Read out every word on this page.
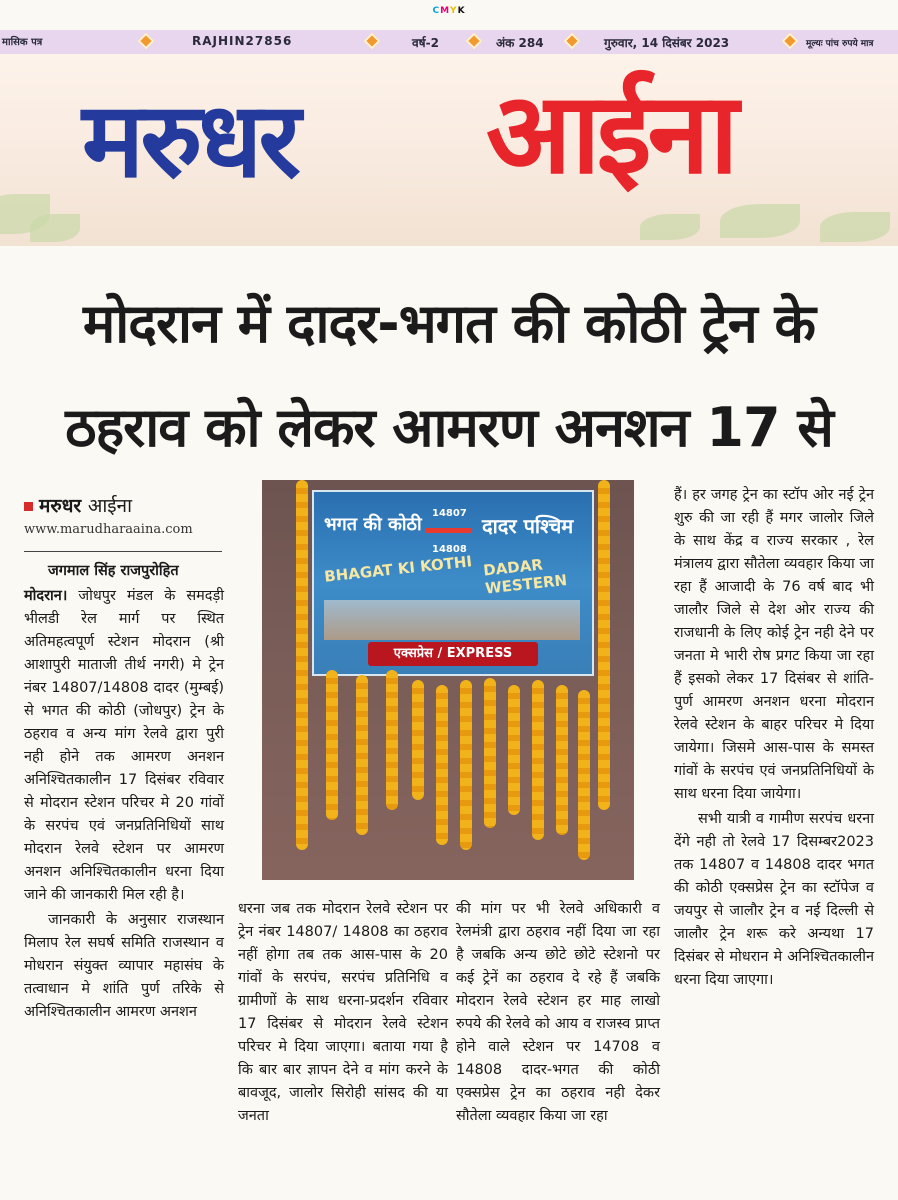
CMYK
मासिक पत्र	RAJHIN27856	वर्ष-2	अंक 284	गुरुवार, 14 दिसंबर 2023	मूल्यः पांच रुपये मात्र
मरुधर आईना
मोदरान में दादर-भगत की कोठी ट्रेन के
ठहराव को लेकर आमरण अनशन 17 से
मरुधर आईना
www.marudharaaina.com

जगमाल सिंह राजपुरोहित

मोदरान। जोधपुर मंडल के समदड़ी भीलडी रेल मार्ग पर स्थित अतिमहत्वपूर्ण स्टेशन मोदरान (श्री आशापुरी माताजी तीर्थ नगरी) मे ट्रेन नंबर 14807/14808 दादर (मुम्बई) से भगत की कोठी (जोधपुर) ट्रेन के ठहराव व अन्य मांग रेलवे द्वारा पुरी नही होने तक आमरण अनशन अनिश्चितकालीन 17 दिसंबर रविवार से मोदरान स्टेशन परिचर मे 20 गांवों के सरपंच एवं जनप्रतिनिधियों साथ मोदरान रेलवे स्टेशन पर आमरण अनशन अनिश्चितकालीन धरना दिया जाने की जानकारी मिल रही है।

जानकारी के अनुसार राजस्थान मिलाप रेल सघर्ष समिति राजस्थान व मोधरान संयुक्त व्यापार महासंघ के तत्वाधान मे शांति पुर्ण तरिके से अनिश्चितकालीन आमरण अनशन

भगत की कोठी
14807
14808
दादर पश्चिम
BHAGAT KI KOTHI DADAR WESTERN
एक्सप्रेस / EXPRESS

धरना जब तक मोदरान रेलवे स्टेशन पर ट्रेन नंबर 14807/ 14808 का ठहराव नहीं होगा तब तक आस-पास के 20 गांवों के सरपंच, सरपंच प्रतिनिधि व ग्रामीणों के साथ धरना-प्रदर्शन रविवार 17 दिसंबर से मोदरान रेलवे स्टेशन परिचर मे दिया जाएगा। बताया गया है कि बार बार ज्ञापन देने व मांग करने के बावजूद, जालोर सिरोही सांसद की या जनता

की मांग पर भी रेलवे अधिकारी व रेलमंत्री द्वारा ठहराव नहीं दिया जा रहा है जबकि अन्य छोटे छोटे स्टेशनो पर कई ट्रेनें का ठहराव दे रहे हैं जबकि मोदरान रेलवे स्टेशन हर माह लाखो रुपये की रेलवे को आय व राजस्व प्राप्त होने वाले स्टेशन पर 14708 व 14808 दादर-भगत की कोठी एक्सप्रेस ट्रेन का ठहराव नही देकर सौतेला व्यवहार किया जा रहा

हैं। हर जगह ट्रेन का स्टॉप ओर नई ट्रेन शुरु की जा रही हैं मगर जालोर जिले के साथ केंद्र व राज्य सरकार , रेल मंत्रालय द्वारा सौतेला व्यवहार किया जा रहा हैं आजादी के 76 वर्ष बाद भी जालौर जिले से देश ओर राज्य की राजधानी के लिए कोई ट्रेन नही देने पर जनता मे भारी रोष प्रगट किया जा रहा हैं इसको लेकर 17 दिसंबर से शांति-पुर्ण आमरण अनशन धरना मोदरान रेलवे स्टेशन के बाहर परिचर मे दिया जायेगा। जिसमे आस-पास के समस्त गांवों के सरपंच एवं जनप्रतिनिधियों के साथ धरना दिया जायेगा।

सभी यात्री व गामीण सरपंच धरना देंगे नही तो रेलवे 17 दिसम्बर2023 तक 14807 व 14808 दादर भगत की कोठी एक्सप्रेस ट्रेन का स्टॉपेज व जयपुर से जालौर ट्रेन व नई दिल्ली से जालौर ट्रेन शरू करे अन्यथा 17 दिसंबर से मोधरान मे अनिश्चितकालीन धरना दिया जाएगा।
